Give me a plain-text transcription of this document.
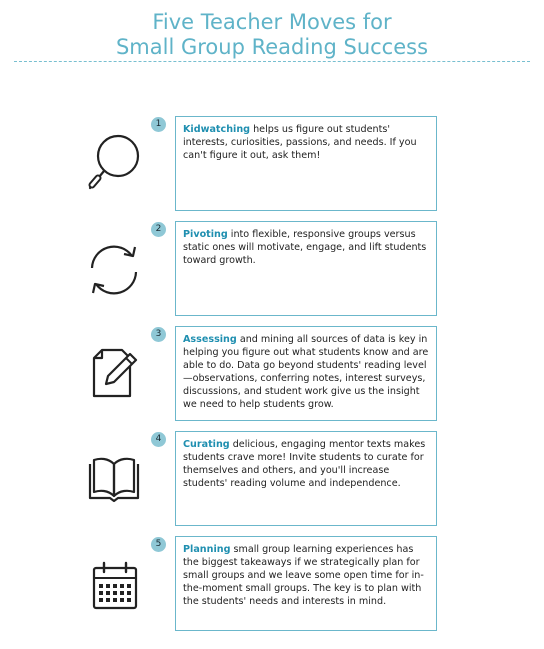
Five Teacher Moves for
Small Group Reading Success
1	Kidwatching helps us figure out students' interests, curiosities, passions, and needs. If you can't figure it out, ask them!
2	Pivoting into flexible, responsive groups versus static ones will motivate, engage, and lift students toward growth.
3	Assessing and mining all sources of data is key in helping you figure out what students know and are able to do. Data go beyond students' reading level—observations, conferring notes, interest surveys, discussions, and student work give us the insight we need to help students grow.
4	Curating delicious, engaging mentor texts makes students crave more! Invite students to curate for themselves and others, and you'll increase students' reading volume and independence.
5	Planning small group learning experiences has the biggest takeaways if we strategically plan for small groups and we leave some open time for in-the-moment small groups. The key is to plan with the students' needs and interests in mind.
